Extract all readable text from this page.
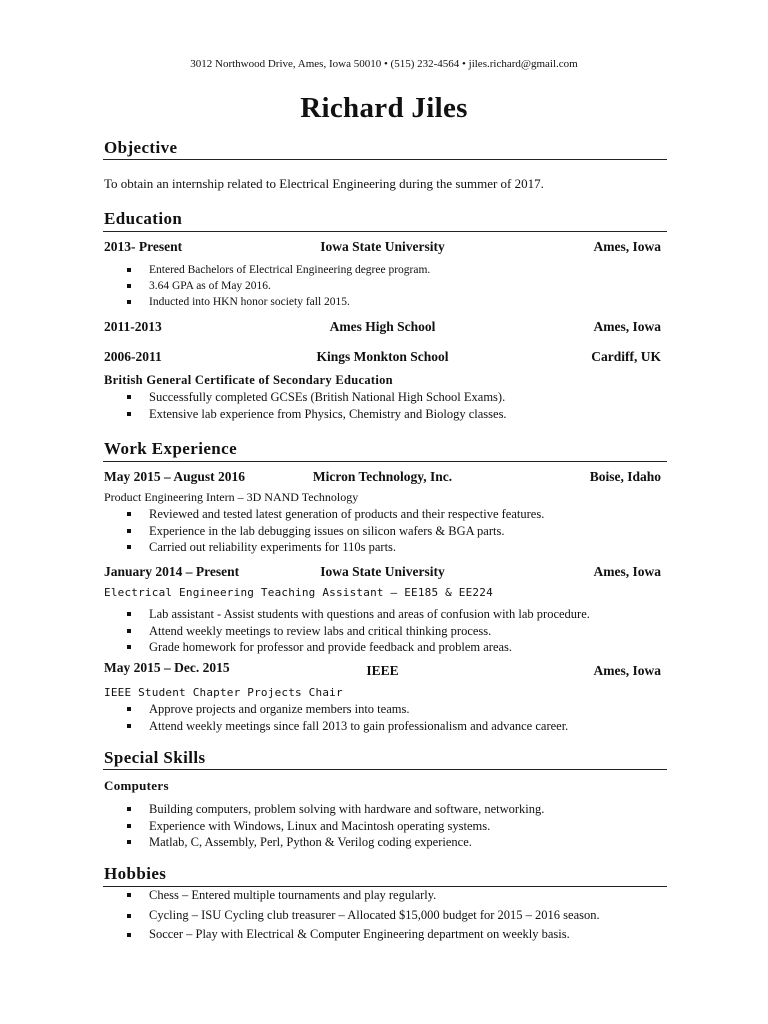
3012 Northwood Drive, Ames, Iowa 50010 • (515) 232-4564 • jiles.richard@gmail.com
Richard Jiles
Objective
To obtain an internship related to Electrical Engineering during the summer of 2017.
Education
2013- Present	Iowa State University	Ames, Iowa
Entered Bachelors of Electrical Engineering degree program.
3.64 GPA as of May 2016.
Inducted into HKN honor society fall 2015.
2011-2013	Ames High School	Ames, Iowa
2006-2011	Kings Monkton School	Cardiff, UK
British General Certificate of Secondary Education
Successfully completed GCSEs (British National High School Exams).
Extensive lab experience from Physics, Chemistry and Biology classes.
Work Experience
May 2015 – August 2016	Micron Technology, Inc.	Boise, Idaho
Product Engineering Intern – 3D NAND Technology
Reviewed and tested latest generation of products and their respective features.
Experience in the lab debugging issues on silicon wafers & BGA parts.
Carried out reliability experiments for 110s parts.
January 2014 – Present	Iowa State University	Ames, Iowa
Electrical Engineering Teaching Assistant – EE185 & EE224
Lab assistant - Assist students with questions and areas of confusion with lab procedure.
Attend weekly meetings to review labs and critical thinking process.
Grade homework for professor and provide feedback and problem areas.
May 2015 – Dec. 2015	IEEE	Ames, Iowa
IEEE Student Chapter Projects Chair
Approve projects and organize members into teams.
Attend weekly meetings since fall 2013 to gain professionalism and advance career.
Special Skills
Computers
Building computers, problem solving with hardware and software, networking.
Experience with Windows, Linux and Macintosh operating systems.
Matlab, C, Assembly, Perl, Python & Verilog coding experience.
Hobbies
Chess – Entered multiple tournaments and play regularly.
Cycling – ISU Cycling club treasurer – Allocated $15,000 budget for 2015 – 2016 season.
Soccer – Play with Electrical & Computer Engineering department on weekly basis.
